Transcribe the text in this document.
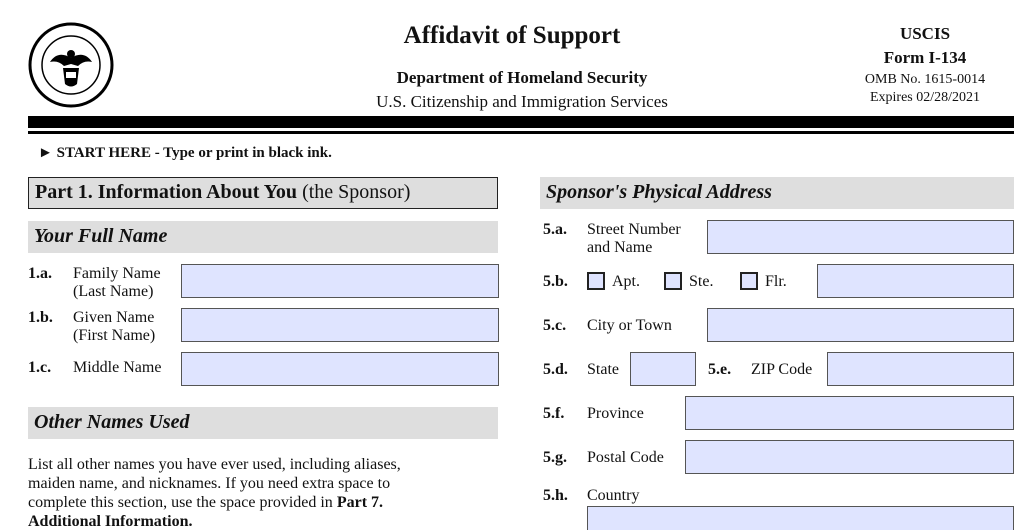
Affidavit of Support
Department of Homeland Security
U.S. Citizenship and Immigration Services
USCIS
Form I-134
OMB No. 1615-0014
Expires 02/28/2021
► START HERE - Type or print in black ink.
Part 1. Information About You (the Sponsor)
Your Full Name
1.a. Family Name
(Last Name)
1.b. Given Name
(First Name)
1.c. Middle Name
Other Names Used
List all other names you have ever used, including aliases,
maiden name, and nicknames. If you need extra space to
complete this section, use the space provided in Part 7.
Additional Information.
Sponsor's Physical Address
5.a. Street Number
and Name
5.b.	Apt.	Ste.	Flr.
5.c. City or Town
5.d. State	5.e. ZIP Code
5.f. Province
5.g. Postal Code
5.h. Country
